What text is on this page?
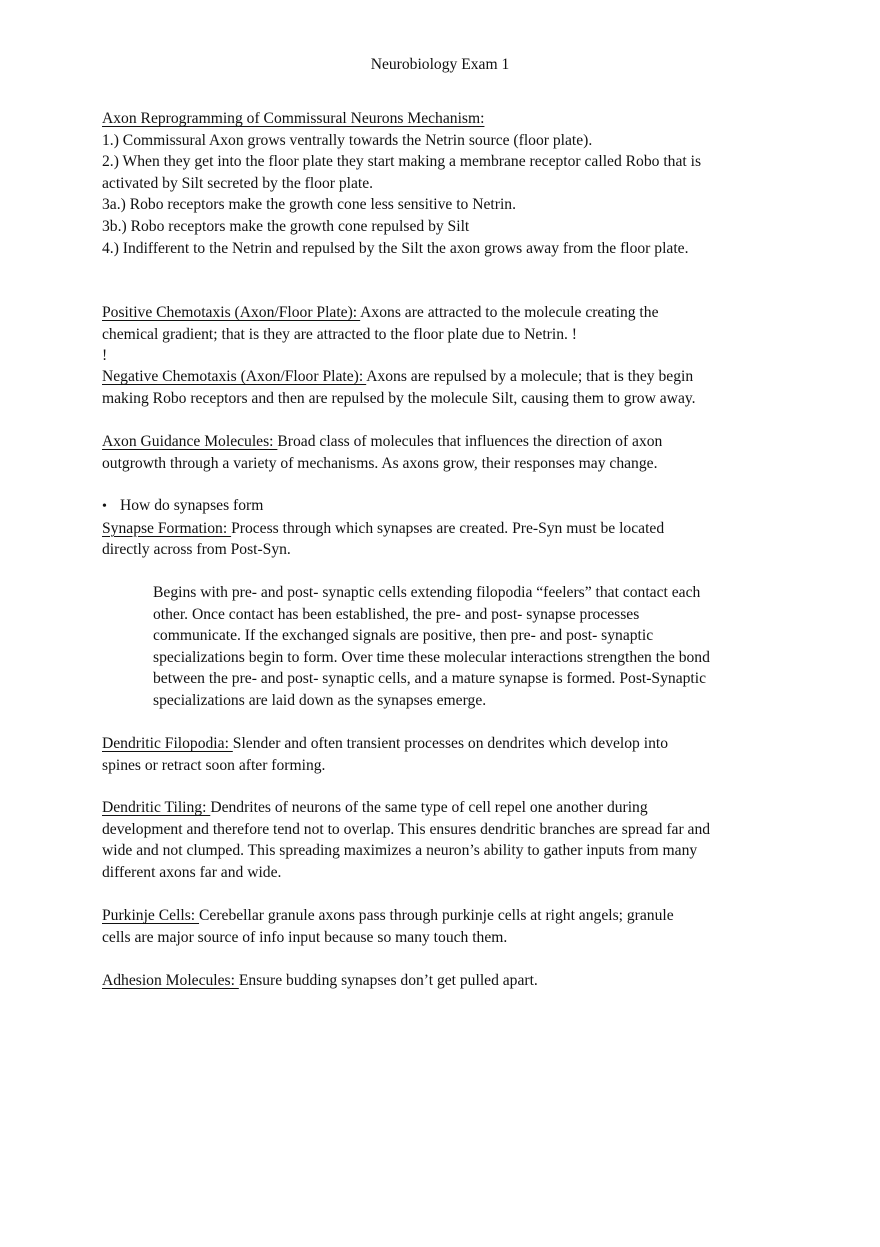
Neurobiology Exam 1
Axon Reprogramming of Commissural Neurons Mechanism:
1.) Commissural Axon grows ventrally towards the Netrin source (floor plate).
2.) When they get into the floor plate they start making a membrane receptor called Robo that is
activated by Silt secreted by the floor plate.
3a.) Robo receptors make the growth cone less sensitive to Netrin.
3b.) Robo receptors make the growth cone repulsed by Silt
4.) Indifferent to the Netrin and repulsed by the Silt the axon grows away from the floor plate.
Positive Chemotaxis (Axon/Floor Plate): Axons are attracted to the molecule creating the
chemical gradient; that is they are attracted to the floor plate due to Netrin. !
!
Negative Chemotaxis (Axon/Floor Plate): Axons are repulsed by a molecule; that is they begin
making Robo receptors and then are repulsed by the molecule Silt, causing them to grow away.
Axon Guidance Molecules: Broad class of molecules that influences the direction of axon
outgrowth through a variety of mechanisms. As axons grow, their responses may change.
• How do synapses form
Synapse Formation: Process through which synapses are created. Pre-Syn must be located
directly across from Post-Syn.
Begins with pre- and post- synaptic cells extending filopodia “feelers” that contact each
other. Once contact has been established, the pre- and post- synapse processes
communicate. If the exchanged signals are positive, then pre- and post- synaptic
specializations begin to form. Over time these molecular interactions strengthen the bond
between the pre- and post- synaptic cells, and a mature synapse is formed. Post-Synaptic
specializations are laid down as the synapses emerge.
Dendritic Filopodia: Slender and often transient processes on dendrites which develop into
spines or retract soon after forming.
Dendritic Tiling: Dendrites of neurons of the same type of cell repel one another during
development and therefore tend not to overlap. This ensures dendritic branches are spread far and
wide and not clumped. This spreading maximizes a neuron’s ability to gather inputs from many
different axons far and wide.
Purkinje Cells: Cerebellar granule axons pass through purkinje cells at right angels; granule
cells are major source of info input because so many touch them.
Adhesion Molecules: Ensure budding synapses don’t get pulled apart.
